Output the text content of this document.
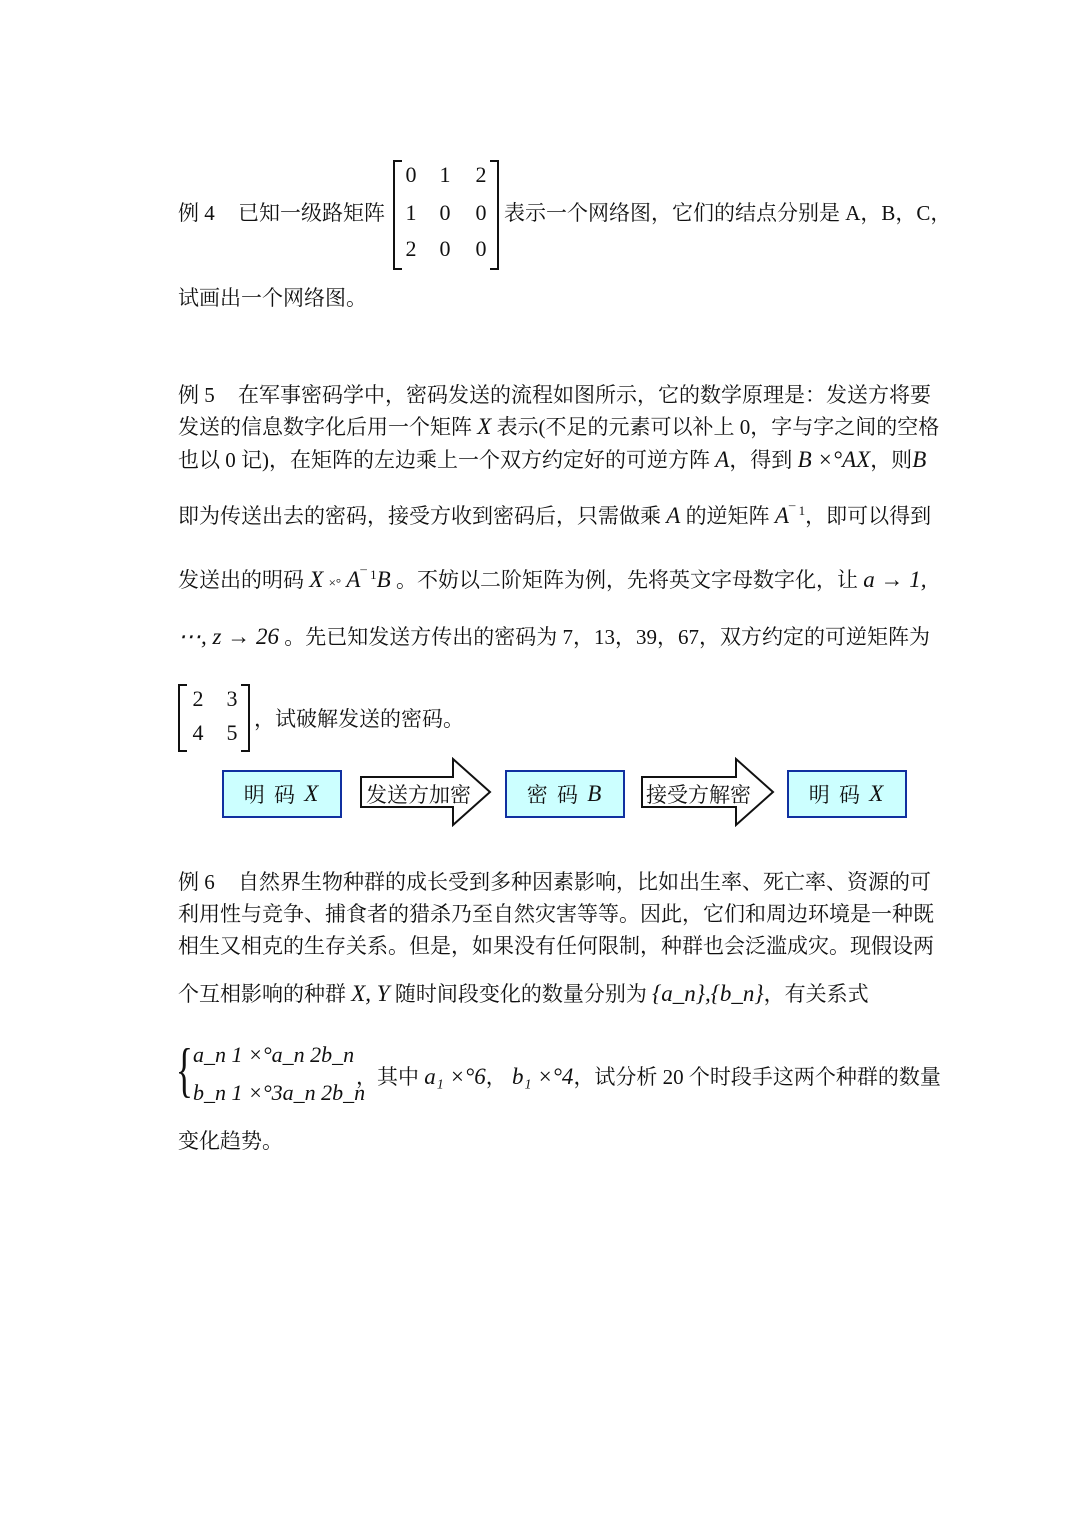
例 4 已知一级路矩阵
0 1 2
1 0 0
2 0 0
表示一个网络图，它们的结点分别是 A，B，C，
试画出一个网络图。
例 5 在军事密码学中，密码发送的流程如图所示，它的数学原理是：发送方将要
发送的信息数字化后用一个矩阵 X 表示(不足的元素可以补上 0，字与字之间的空格
也以 0 记)，在矩阵的左边乘上一个双方约定好的可逆方阵 A，得到 B ×°AX，则B
即为传送出去的密码，接受方收到密码后，只需做乘 A 的逆矩阵 $A^{¯ 1}$，即可以得到
发送出的明码 X ×° $A^{¯ 1}B$ 。不妨以二阶矩阵为例，先将英文字母数字化，让 a → 1,
⋯, z → 26 。先已知发送方传出的密码为 7，13，39，67，双方约定的可逆矩阵为
2 3
4 5
，试破解发送的密码。
明 码
X 发送方加密	密 码
B 接受方解密	明 码
X
例 6 自然界生物种群的成长受到多种因素影响，比如出生率、死亡率、资源的可
利用性与竞争、捕食者的猎杀乃至自然灾害等等。因此，它们和周边环境是一种既
相生又相克的生存关系。但是，如果没有任何限制，种群也会泛滥成灾。现假设两
个互相影响的种群 X, Y 随时间段变化的数量分别为 {a_n},{b_n}，有关系式
{ a_n 1 ×°a_n 2b_n
b_n 1 ×°3a_n 2b_n
，其中 a₁ ×°6， b₁ ×°4，试分析 20 个时段手这两个种群的数量
变化趋势。
